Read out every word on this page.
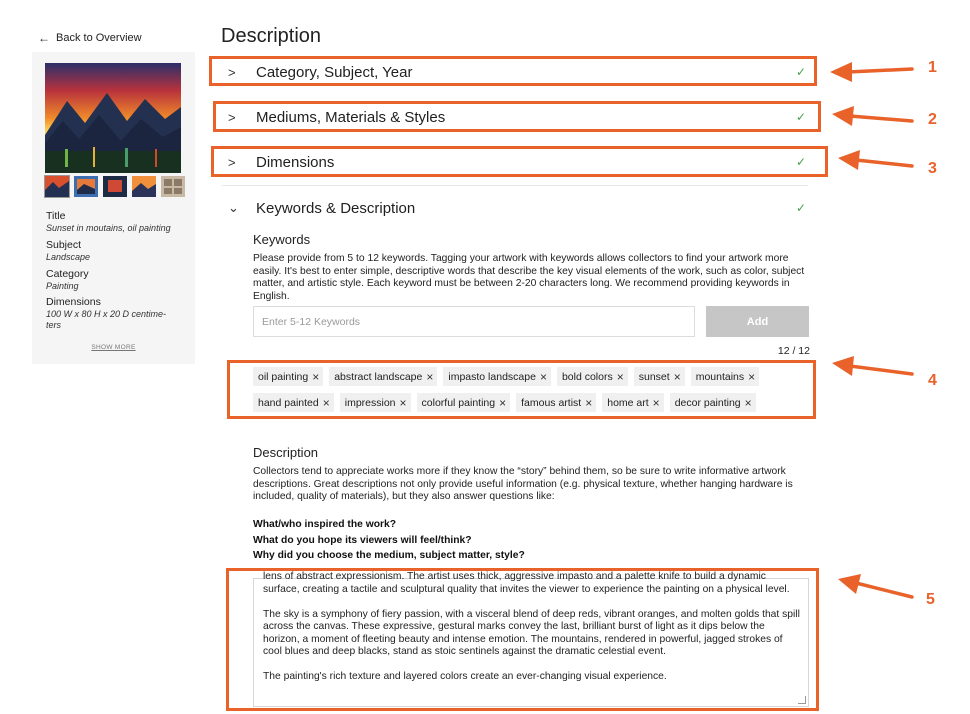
← Back to Overview
Title
Sunset in moutains, oil painting
Subject
Landscape
Category
Painting
Dimensions
100 W x 80 H x 20 D centime-
ters
SHOW MORE
Description
>	Category, Subject, Year	✓
>	Mediums, Materials & Styles	✓
>	Dimensions	✓
⌄ Keywords & Description	✓
Keywords
Please provide from 5 to 12 keywords. Tagging your artwork with keywords allows collectors to find your artwork more easily. It's best to enter simple, descriptive words that describe the key visual elements of the work, such as color, subject matter, and artistic style. Each keyword must be between 2-20 characters long. We recommend providing keywords in English.
Enter 5-12 Keywords
Add
12 / 12
oil painting × abstract landscape × impasto landscape × bold colors × sunset × mountains ×
hand painted × impression × colorful painting × famous artist × home art × decor painting ×
Description
Collectors tend to appreciate works more if they know the “story” behind them, so be sure to write informative artwork descriptions. Great descriptions not only provide useful information (e.g. physical texture, whether hanging hardware is included, quality of materials), but they also answer questions like:
What/who inspired the work?
What do you hope its viewers will feel/think?
Why did you choose the medium, subject matter, style?

lens of abstract expressionism. The artist uses thick, aggressive impasto and a palette knife to build a dynamic surface, creating a tactile and sculptural quality that invites the viewer to experience the painting on a physical level.

The sky is a symphony of fiery passion, with a visceral blend of deep reds, vibrant oranges, and molten golds that spill across the canvas. These expressive, gestural marks convey the last, brilliant burst of light as it dips below the horizon, a moment of fleeting beauty and intense emotion. The mountains, rendered in powerful, jagged strokes of cool blues and deep blacks, stand as stoic sentinels against the dramatic celestial event.

The painting's rich texture and layered colors create an ever-changing visual experience.

1
2
3
4
5
